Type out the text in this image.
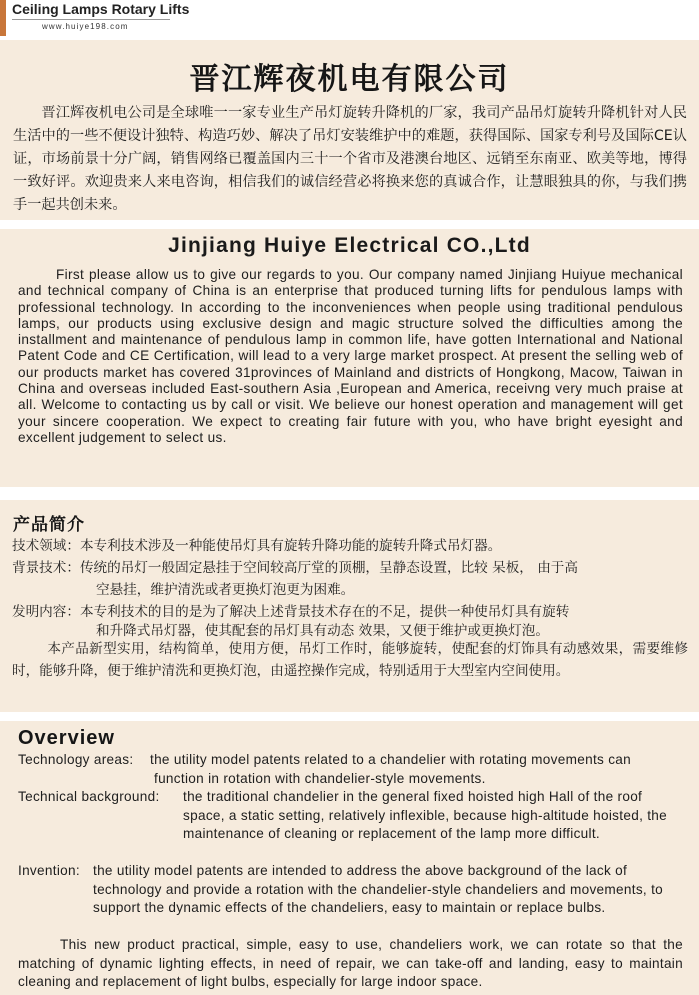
Ceiling Lamps Rotary Lifts
www.huiye198.com
晋江辉夜机电有限公司
晋江辉夜机电公司是全球唯一一家专业生产吊灯旋转升降机的厂家，我司产品吊灯旋转升降机针对人民生活中的一些不便设计独特、构造巧妙、解决了吊灯安装维护中的难题，获得国际、国家专利号及国际CE认证，市场前景十分广阔，销售网络已覆盖国内三十一个省市及港澳台地区、远销至东南亚、欧美等地，博得一致好评。欢迎贵来人来电咨询，相信我们的诚信经营必将换来您的真诚合作，让慧眼独具的你，与我们携手一起共创未来。
Jinjiang Huiye Electrical CO.,Ltd
First please allow us to give our regards to you. Our company named Jinjiang Huiyue mechanical and technical company of China is an enterprise that produced turning lifts for pendulous lamps with professional technology. In according to the inconveniences when people using traditional pendulous lamps, our products using exclusive design and magic structure solved the difficulties among the installment and maintenance of pendulous lamp in common life, have gotten International and National Patent Code and CE Certification, will lead to a very large market prospect. At present the selling web of our products market has covered 31provinces of Mainland and districts of Hongkong, Macow, Taiwan in China and overseas included East-southern Asia ,European and America, receivng very much praise at all. Welcome to contacting us by call or visit. We believe our honest operation and management will get your sincere cooperation. We expect to creating fair future with you, who have bright eyesight and excellent judgement to select us.
产品简介
技术领域：本专利技术涉及一种能使吊灯具有旋转升降功能的旋转升降式吊灯器。
背景技术：传统的吊灯一般固定悬挂于空间较高厅堂的顶棚，呈静态设置，比较 呆板， 由于高
空悬挂，维护清洗或者更换灯泡更为困难。
发明内容：本专利技术的目的是为了解决上述背景技术存在的不足，提供一种使吊灯具有旋转
和升降式吊灯器，使其配套的吊灯具有动态 效果，又便于维护或更换灯泡。
本产品新型实用，结构简单，使用方便，吊灯工作时，能够旋转，使配套的灯饰具有动感效果，需要维修时，能够升降，便于维护清洗和更换灯泡，由遥控操作完成，特别适用于大型室内空间使用。
Overview
Technology areas: the utility model patents related to a chandelier with rotating movements can function in rotation with chandelier-style movements.
Technical background: the traditional chandelier in the general fixed hoisted high Hall of the roof space, a static setting, relatively inflexible, because high-altitude hoisted, the maintenance of cleaning or replacement of the lamp more difficult.
Invention: the utility model patents are intended to address the above background of the lack of technology and provide a rotation with the chandelier-style chandeliers and movements, to support the dynamic effects of the chandeliers, easy to maintain or replace bulbs.
This new product practical, simple, easy to use, chandeliers work, we can rotate so that the matching of dynamic lighting effects, in need of repair, we can take-off and landing, easy to maintain cleaning and replacement of light bulbs, especially for large indoor space.
